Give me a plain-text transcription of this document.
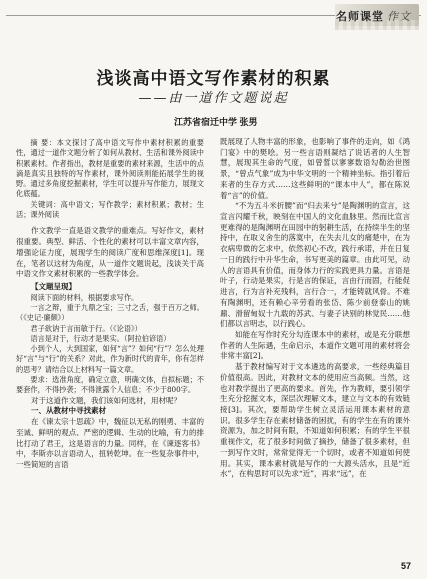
名师课堂 作文
浅谈高中语文写作素材的积累
——由一道作文题说起
江苏省宿迁中学 张男

摘 要：本文探讨了高中语文写作中素材积累的重要性，通过一道作文题分析了如何从教材、生活和课外阅读中积累素材。作者指出，教材是重要的素材来源，生活中的点滴是真实且独特的写作素材，课外阅读则能拓展学生的视野。通过多角度挖掘素材，学生可以提升写作能力，展现文化底蕴。

关键词：高中语文；写作教学；素材积累；教材；生活；课外阅读

作文教学一直是语文教学的重难点。写好作文，素材很重要。典型、鲜活、个性化的素材可以丰富文章内容，增强论证力度，展现学生的阅读广度和思维深度[1]。现在，笔者以这材为角度，从一道作文题说起，浅谈关于高中语文作文素材积累的一些教学体会。

【文题呈现】

阅读下面的材料，根据要求写作。

一言之辩，重于九鼎之宝；三寸之舌，强于百万之师。（《史记·廉颇》）

君子欲讷于言而敏于行。（《论语》）

语言是对于，行动才是果实。（阿拉伯谚语）

小到个人，大到国家，如何“言”？如何“行”？怎么处理好“言”与“行”的关系？对此，作为新时代的青年，你有怎样的思考？请结合以上材料写一篇文章。

要求：选准角度，确定立意，明确文体，自拟标题；不要套作，不得抄袭；不得泄露个人信息；不少于800字。

对于这道作文题，我们该如何选材，用材呢？

一、从教材中寻找素材

在《谏太宗十思疏》中，魏征以无私的刚勇、丰富的至诚、鲜明的观点、严密的逻辑、生动的比喻，有力的排比打动了君王，这是语言的力量。同样，在《谏逐客书》中，李斯亦以言语动人，扭转乾坤。在一些复杂事件中，一些简短的言语

既展现了人物丰富的形象，也影响了事件的走向，如《鸿门宴》中的樊哙。另一些言语则凝结了说话者的人生智慧，展现其生命的气度，如曾皙以寥寥数语勾勒治世图景，“曾点气象”成为中华文明的一个精神坐标。指引着后来者的生存方式……这些鲜明的“课本中人”，都在陈说着“言”的价值。

“不为五斗米折腰”而“归去来兮”是陶渊明的宣言，这宣言闪耀千秋，映刻在中国人的文化血脉里。然而比宣言更难得的是陶渊明在田园中的躬耕生活，在持续半生的坚持中，在取义舍生的落寞中，在失去儿女的痛楚中，在为衣病卑微的乞求中，依然初心不改，践行承诺，并在日复一日的践行中升华生命，书写更美的篇章。由此可见，动人的言语具有价值，而身体力行的实践更具力量。言语是叶子，行动是果实，行是言的保证，言由行而固，行能促进言，行为言补充残料，言行合一，才能铸就风骨。不难有陶渊明，还有赖心辛劳看的张岱、陈少前登泰山的姚鼐、滑留甸奴十九载的苏武、与妻子诀别的林觉民……他们都以言明志，以行践心。

如能在写作时充分勾连课本中的素材，或是充分联想作者的人生际遇，生命启示，本道作文题可用的素材将会非常丰富[2]。

基于教材编写对于文本遴选的高要求，一些经典篇目价值很高。因此，对教材文本的使用应当高频。当然，这也对教学提出了更高的要求。首先，作为教师，要引领学生充分挖掘文本，深层次理解文本，建立与文本的有效链接[3]。其次，要帮助学生树立灵活运用课本素材的意识。很多学生存在素材储备的困扰，有的学生在有的课外资源为，加之时间有限，不知道如何积累；有的学生平很重视作文，花了很多时间做了摘抄，储备了很多素材，但一到写作文时，常常觉得无一个切时，或者不知道如何使用。其实，课本素材就是写作的一大源头活水，且是“近水”，在构思时可以先求“近”，再求“远”，在

57
